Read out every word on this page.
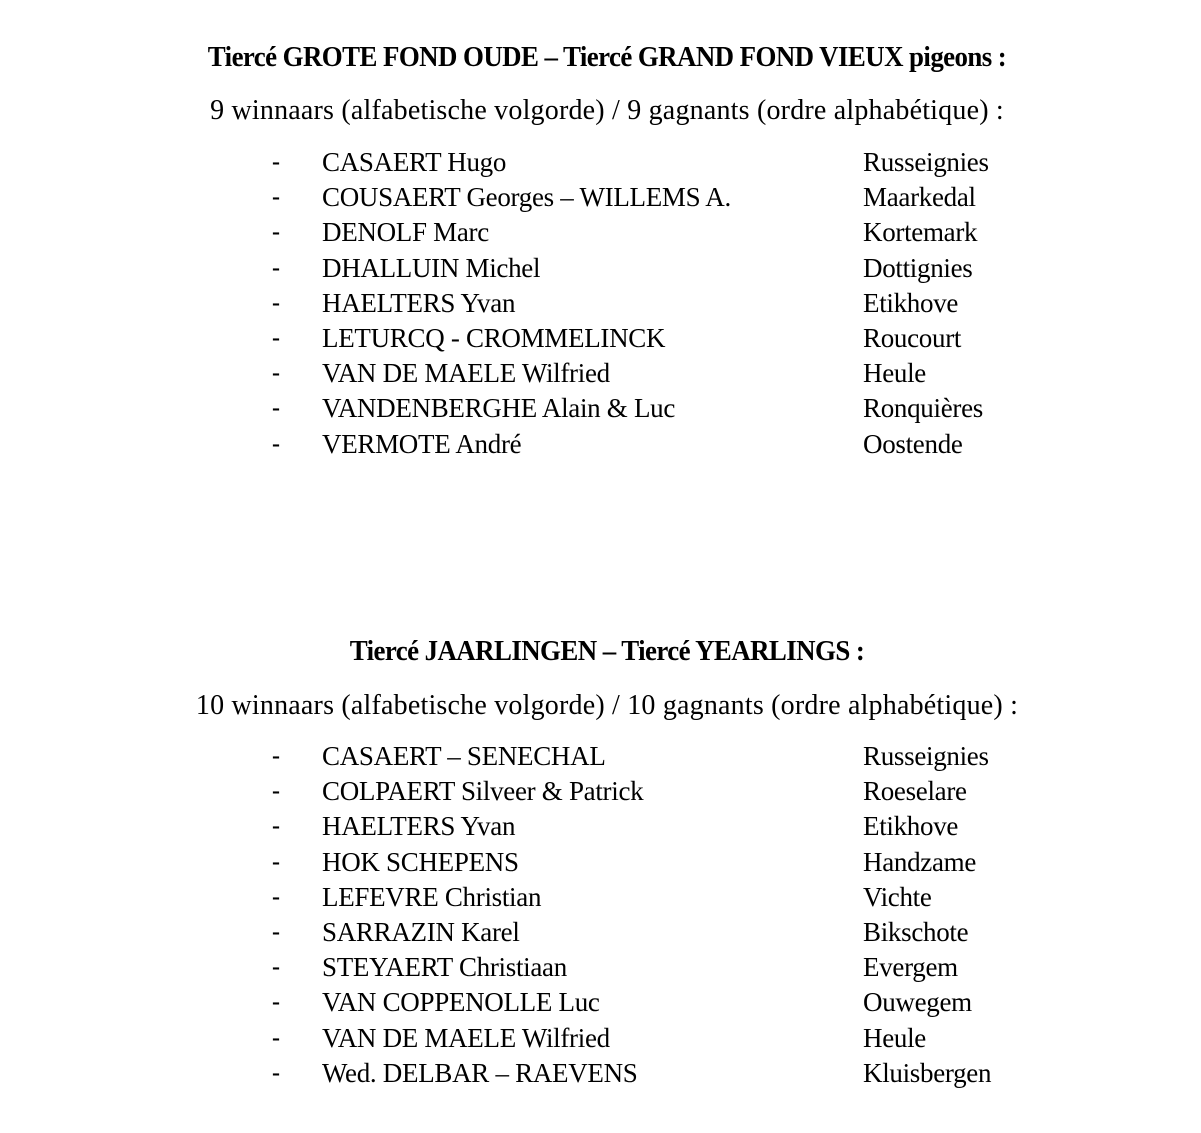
Tiercé GROTE FOND OUDE – Tiercé GRAND FOND VIEUX pigeons :
9 winnaars (alfabetische volgorde) / 9 gagnants (ordre alphabétique) :
- CASAERT Hugo	Russeignies
- COUSAERT Georges – WILLEMS A.	Maarkedal
- DENOLF Marc	Kortemark
- DHALLUIN Michel	Dottignies
- HAELTERS Yvan	Etikhove
- LETURCQ - CROMMELINCK	Roucourt
- VAN DE MAELE Wilfried	Heule
- VANDENBERGHE Alain & Luc	Ronquières
- VERMOTE André	Oostende
Tiercé JAARLINGEN – Tiercé YEARLINGS :
10 winnaars (alfabetische volgorde) / 10 gagnants (ordre alphabétique) :
- CASAERT – SENECHAL	Russeignies
- COLPAERT Silveer & Patrick	Roeselare
- HAELTERS Yvan	Etikhove
- HOK SCHEPENS	Handzame
- LEFEVRE Christian	Vichte
- SARRAZIN Karel	Bikschote
- STEYAERT Christiaan	Evergem
- VAN COPPENOLLE Luc	Ouwegem
- VAN DE MAELE Wilfried	Heule
- Wed. DELBAR – RAEVENS	Kluisbergen
